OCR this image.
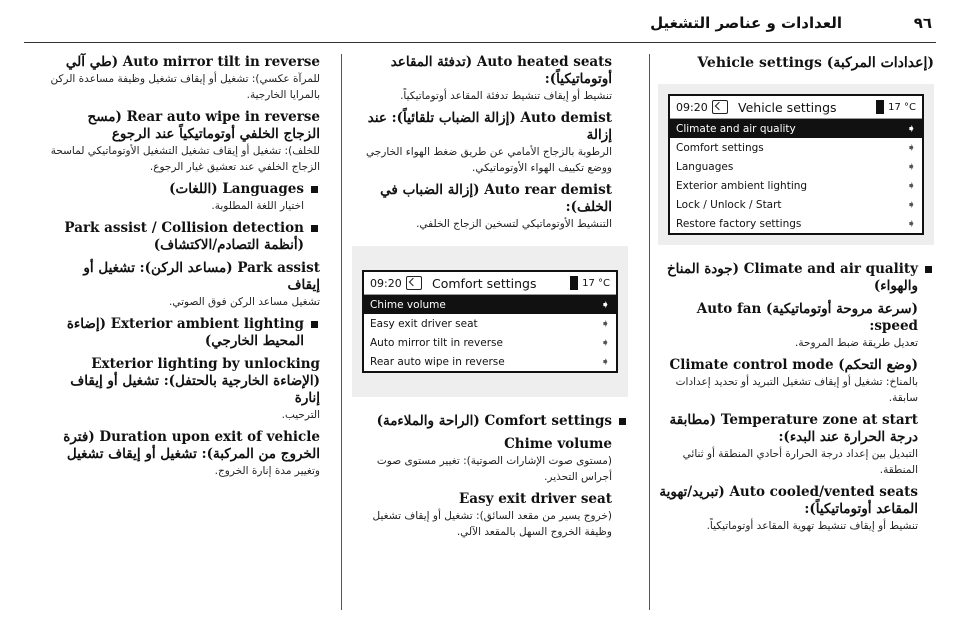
العدادات و عناصر التشغيل	٩٦
(إعدادات المركبة) Vehicle settings
09:20	Vehicle settings	17 °C
Climate and air quality	➧
Comfort settings	➧
Languages	➧
Exterior ambient lighting	➧
Lock / Unlock / Start	➧
Restore factory settings	➧
Climate and air quality (جودة المناخ والهواء)
(سرعة مروحة أوتوماتيكية) Auto fan speed:
تعديل طريقة ضبط المروحة.
(وضع التحكم) Climate control mode
بالمناخ: تشغيل أو إيقاف تشغيل التبريد أو تحديد إعدادات سابقة.
Temperature zone at start (مطابقة درجة الحرارة عند البدء):
التبديل بين إعداد درجة الحرارة أحادي المنطقة أو ثنائي المنطقة.
Auto cooled/vented seats (تبريد/تهوية المقاعد أوتوماتيكياً):
تنشيط أو إيقاف تنشيط تهوية المقاعد أوتوماتيكياً.
Auto heated seats (تدفئة المقاعد أوتوماتيكياً):
تنشيط أو إيقاف تنشيط تدفئة المقاعد أوتوماتيكياً.
Auto demist (إزالة الضباب تلقائياً): عند إزالة
الرطوبة بالزجاج الأمامي عن طريق ضغط الهواء الخارجي ووضع تكييف الهواء الأوتوماتيكي.
Auto rear demist (إزالة الضباب في الخلف):
التنشيط الأوتوماتيكي لتسخين الزجاج الخلفي.
09:20	Comfort settings	17 °C
Chime volume	➧
Easy exit driver seat	➧
Auto mirror tilt in reverse	➧
Rear auto wipe in reverse	➧
Comfort settings (الراحة والملاءمة)
Chime volume
(مستوى صوت الإشارات الصوتية): تغيير مستوى صوت أجراس التحذير.
Easy exit driver seat
(خروج يسير من مقعد السائق): تشغيل أو إيقاف تشغيل وظيفة الخروج السهل بالمقعد الآلي.
Auto mirror tilt in reverse (طي آلي
للمرآة عكسي): تشغيل أو إيقاف تشغيل وظيفة مساعدة الركن بالمرايا الخارجية.
Rear auto wipe in reverse (مسح الزجاج الخلفي أوتوماتيكياً عند الرجوع
للخلف): تشغيل أو إيقاف تشغيل التشغيل الأوتوماتيكي لماسحة الزجاج الخلفي عند تعشيق غيار الرجوع.
Languages (اللغات)
اختيار اللغة المطلوبة.
Park assist / Collision detection (أنظمة التصادم/الاكتشاف)
Park assist (مساعد الركن): تشغيل أو إيقاف
تشغيل مساعد الركن فوق الصوتي.
Exterior ambient lighting (إضاءة المحيط الخارجي)
Exterior lighting by unlocking (الإضاءة الخارجية بالحتفل): تشغيل أو إيقاف إنارة
الترحيب.
Duration upon exit of vehicle (فترة الخروج من المركبة): تشغيل أو إيقاف تشغيل
وتغيير مدة إنارة الخروج.
